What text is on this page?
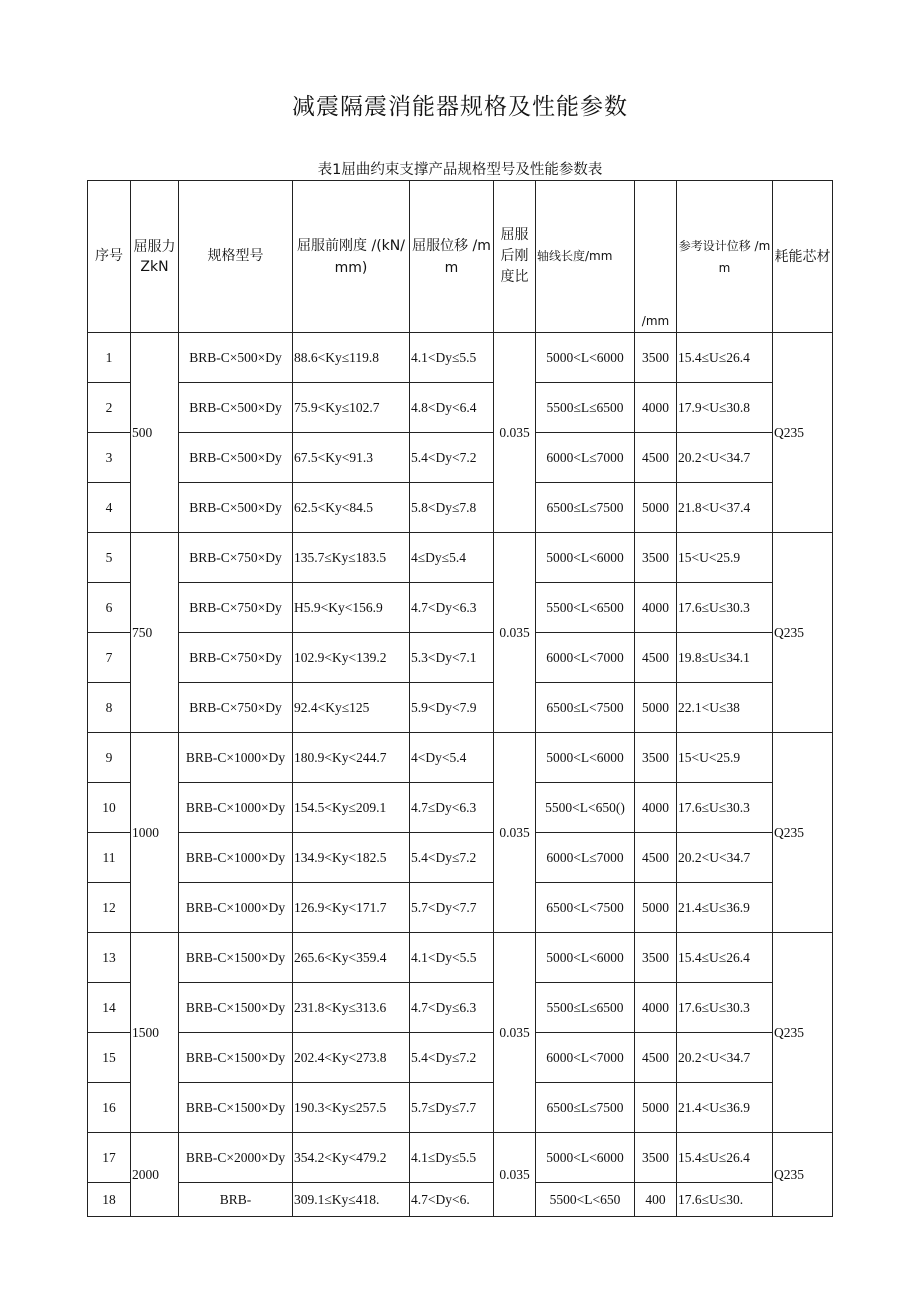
减震隔震消能器规格及性能参数
表1屈曲约束支撑产品规格型号及性能参数表
序号	屈服力 ZkN	规格型号	屈服前刚度 /(kN/mm)	屈服位移 /mm	屈服后刚度比	轴线长度/mm	/mm	参考设计位移 /mm	耗能芯材
1	500	BRB-C×500×Dy	88.6<Ky≤119.8	4.1<Dy≤5.5	0.035	5000<L<6000	3500	15.4≤U≤26.4	Q235
2		BRB-C×500×Dy	75.9<Ky≤102.7	4.8<Dy<6.4		5500≤L≤6500	4000	17.9<U≤30.8	
3		BRB-C×500×Dy	67.5<Ky<91.3	5.4<Dy<7.2		6000<L≤7000	4500	20.2<U<34.7	
4		BRB-C×500×Dy	62.5<Ky<84.5	5.8<Dy≤7.8		6500≤L≤7500	5000	21.8<U<37.4	
5	750	BRB-C×750×Dy	135.7≤Ky≤183.5	4≤Dy≤5.4	0.035	5000<L<6000	3500	15<U<25.9	Q235
6		BRB-C×750×Dy	H5.9<Ky<156.9	4.7<Dy<6.3		5500<L<6500	4000	17.6≤U≤30.3	
7		BRB-C×750×Dy	102.9<Ky<139.2	5.3<Dy<7.1		6000<L<7000	4500	19.8≤U≤34.1	
8		BRB-C×750×Dy	92.4<Ky≤125	5.9<Dy<7.9		6500≤L<7500	5000	22.1<U≤38	
9	1000	BRB-C×1000×Dy	180.9<Ky<244.7	4<Dy<5.4	0.035	5000<L<6000	3500	15<U<25.9	Q235
10		BRB-C×1000×Dy	154.5<Ky≤209.1	4.7≤Dy<6.3		5500<L<650()	4000	17.6≤U≤30.3	
11		BRB-C×1000×Dy	134.9<Ky<182.5	5.4<Dy≤7.2		6000<L≤7000	4500	20.2<U<34.7	
12		BRB-C×1000×Dy	126.9<Ky<171.7	5.7<Dy<7.7		6500<L<7500	5000	21.4≤U≤36.9	
13	1500	BRB-C×1500×Dy	265.6<Ky<359.4	4.1<Dy<5.5	0.035	5000<L<6000	3500	15.4≤U≤26.4	Q235
14		BRB-C×1500×Dy	231.8<Ky≤313.6	4.7<Dy≤6.3		5500≤L≤6500	4000	17.6≤U≤30.3	
15		BRB-C×1500×Dy	202.4<Ky<273.8	5.4<Dy≤7.2		6000<L<7000	4500	20.2<U<34.7	
16		BRB-C×1500×Dy	190.3<Ky≤257.5	5.7≤Dy≤7.7		6500≤L≤7500	5000	21.4<U≤36.9	
17	2000	BRB-C×2000×Dy	354.2<Ky<479.2	4.1≤Dy≤5.5	0.035	5000<L<6000	3500	15.4≤U≤26.4	Q235
18		BRB-	309.1≤Ky≤418.	4.7<Dy<6.		5500<L<650	400	17.6≤U≤30.	
